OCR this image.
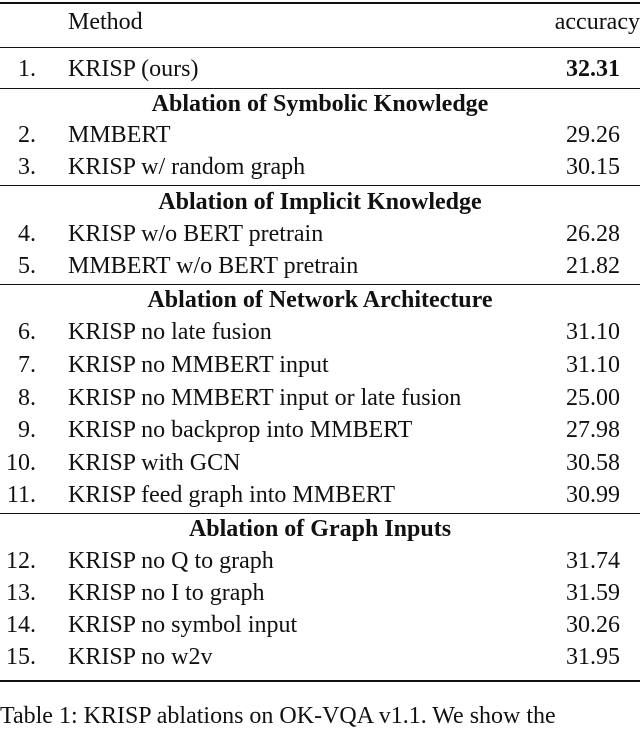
Method	accuracy
1. KRISP (ours)	32.31
Ablation of Symbolic Knowledge
2. MMBERT	29.26
3. KRISP w/ random graph	30.15
Ablation of Implicit Knowledge
4. KRISP w/o BERT pretrain	26.28
5. MMBERT w/o BERT pretrain	21.82
Ablation of Network Architecture
6. KRISP no late fusion	31.10
7. KRISP no MMBERT input	31.10
8. KRISP no MMBERT input or late fusion	25.00
9. KRISP no backprop into MMBERT	27.98
10. KRISP with GCN	30.58
11. KRISP feed graph into MMBERT	30.99
Ablation of Graph Inputs
12. KRISP no Q to graph	31.74
13. KRISP no I to graph	31.59
14. KRISP no symbol input	30.26
15. KRISP no w2v	31.95
Table 1: KRISP ablations on OK-VQA v1.1. We show the
